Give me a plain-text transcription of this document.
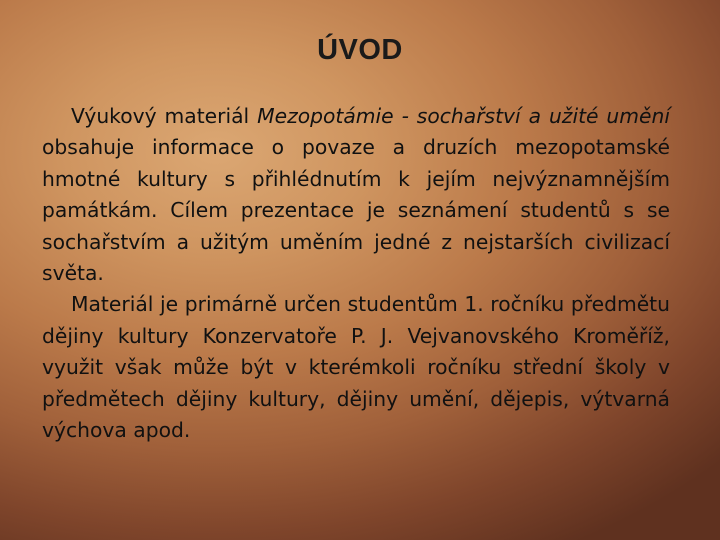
ÚVOD

Výukový materiál Mezopotámie - sochařství a užité umění obsahuje informace o povaze a druzích mezopotamské hmotné kultury s přihlédnutím k jejím nejvýznamnějším památkám. Cílem prezentace je seznámení studentů s se sochařstvím a užitým uměním jedné z nejstarších civilizací světa.

Materiál je primárně určen studentům 1. ročníku předmětu dějiny kultury Konzervatoře P. J. Vejvanovského Kroměříž, využit však může být v kterémkoli ročníku střední školy v předmětech dějiny kultury, dějiny umění, dějepis, výtvarná výchova apod.
